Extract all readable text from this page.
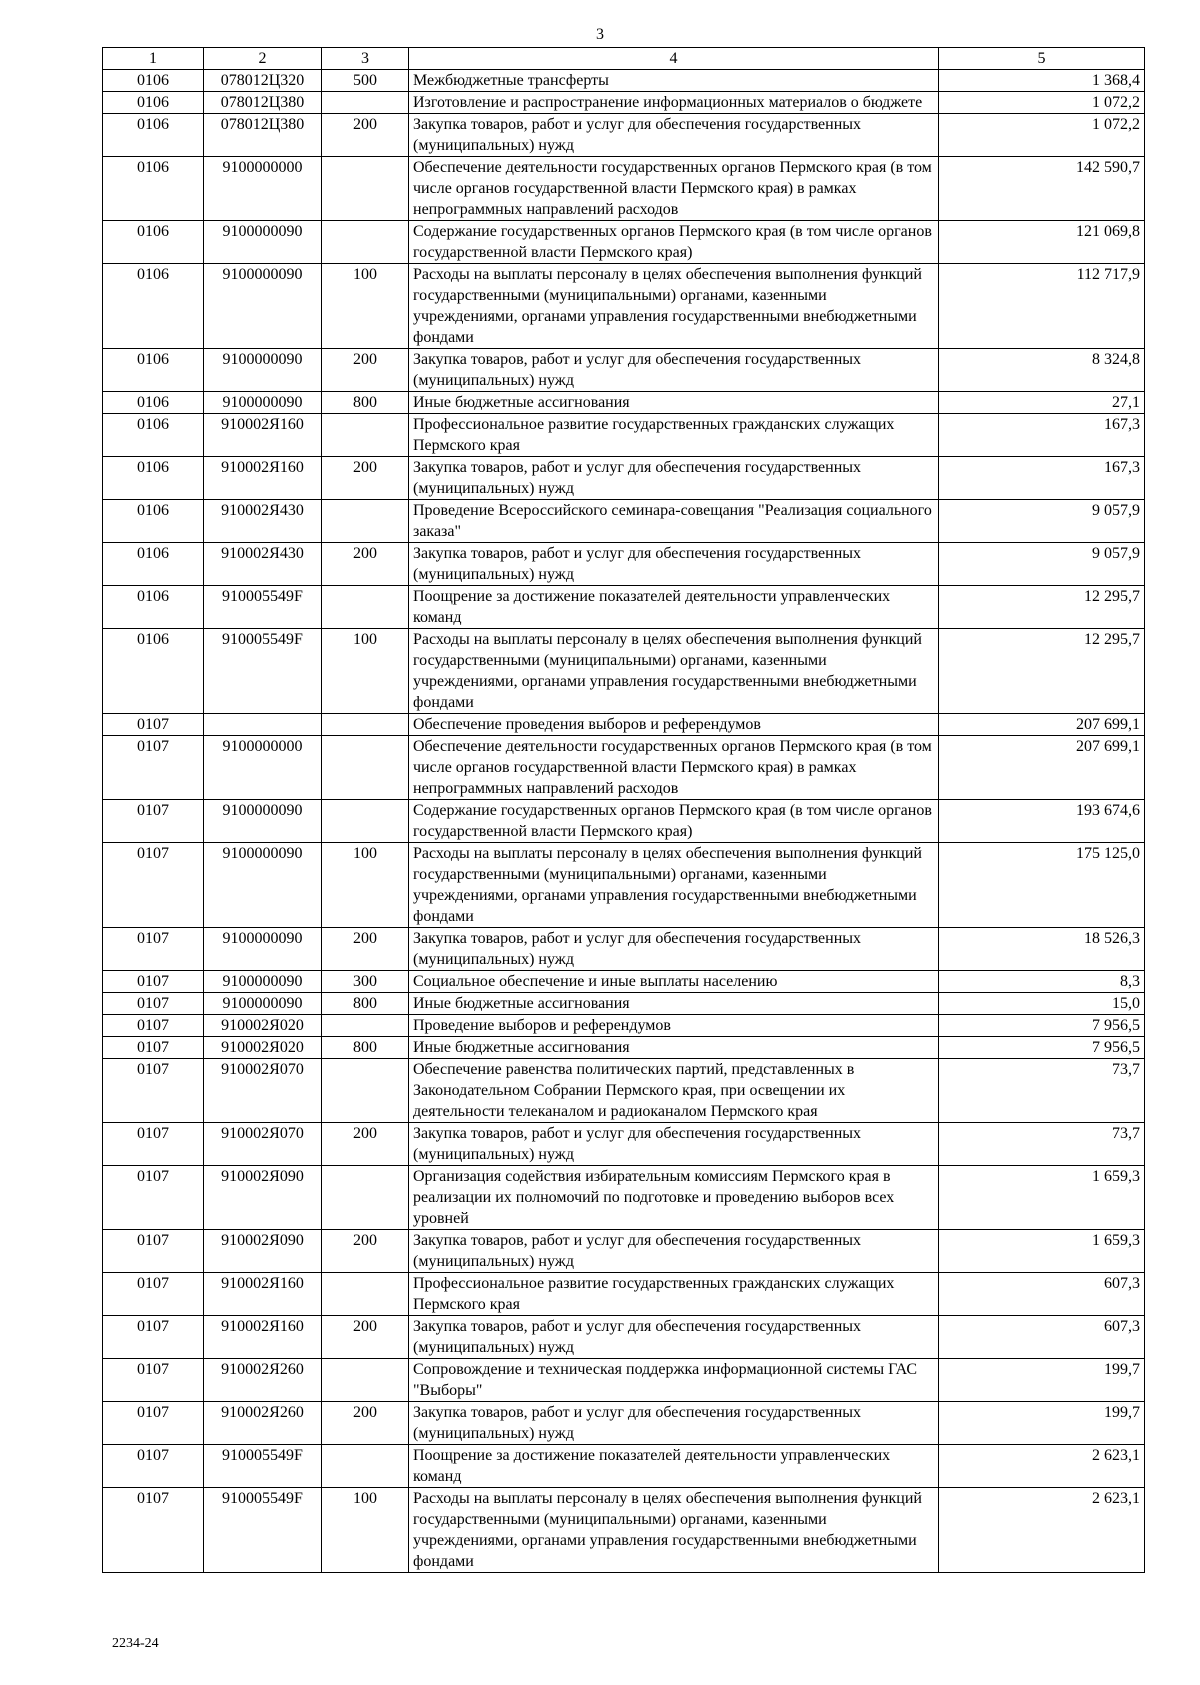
3
1	2	3	4	5
0106	078012Ц320	500	Межбюджетные трансферты	1 368,4
0106	078012Ц380		Изготовление и распространение информационных материалов о бюджете	1 072,2
0106	078012Ц380	200	Закупка товаров, работ и услуг для обеспечения государственных (муниципальных) нужд	1 072,2
0106	9100000000		Обеспечение деятельности государственных органов Пермского края (в том числе органов государственной власти Пермского края) в рамках непрограммных направлений расходов	142 590,7
0106	9100000090		Содержание государственных органов Пермского края (в том числе органов государственной власти Пермского края)	121 069,8
0106	9100000090	100	Расходы на выплаты персоналу в целях обеспечения выполнения функций государственными (муниципальными) органами, казенными учреждениями, органами управления государственными внебюджетными фондами	112 717,9
0106	9100000090	200	Закупка товаров, работ и услуг для обеспечения государственных (муниципальных) нужд	8 324,8
0106	9100000090	800	Иные бюджетные ассигнования	27,1
0106	910002Я160		Профессиональное развитие государственных гражданских служащих Пермского края	167,3
0106	910002Я160	200	Закупка товаров, работ и услуг для обеспечения государственных (муниципальных) нужд	167,3
0106	910002Я430		Проведение Всероссийского семинара-совещания "Реализация социального заказа"	9 057,9
0106	910002Я430	200	Закупка товаров, работ и услуг для обеспечения государственных (муниципальных) нужд	9 057,9
0106	910005549F		Поощрение за достижение показателей деятельности управленческих команд	12 295,7
0106	910005549F	100	Расходы на выплаты персоналу в целях обеспечения выполнения функций государственными (муниципальными) органами, казенными учреждениями, органами управления государственными внебюджетными фондами	12 295,7
0107			Обеспечение проведения выборов и референдумов	207 699,1
0107	9100000000		Обеспечение деятельности государственных органов Пермского края (в том числе органов государственной власти Пермского края) в рамках непрограммных направлений расходов	207 699,1
0107	9100000090		Содержание государственных органов Пермского края (в том числе органов государственной власти Пермского края)	193 674,6
0107	9100000090	100	Расходы на выплаты персоналу в целях обеспечения выполнения функций государственными (муниципальными) органами, казенными учреждениями, органами управления государственными внебюджетными фондами	175 125,0
0107	9100000090	200	Закупка товаров, работ и услуг для обеспечения государственных (муниципальных) нужд	18 526,3
0107	9100000090	300	Социальное обеспечение и иные выплаты населению	8,3
0107	9100000090	800	Иные бюджетные ассигнования	15,0
0107	910002Я020		Проведение выборов и референдумов	7 956,5
0107	910002Я020	800	Иные бюджетные ассигнования	7 956,5
0107	910002Я070		Обеспечение равенства политических партий, представленных в Законодательном Собрании Пермского края, при освещении их деятельности телеканалом и радиоканалом Пермского края	73,7
0107	910002Я070	200	Закупка товаров, работ и услуг для обеспечения государственных (муниципальных) нужд	73,7
0107	910002Я090		Организация содействия избирательным комиссиям Пермского края в реализации их полномочий по подготовке и проведению выборов всех уровней	1 659,3
0107	910002Я090	200	Закупка товаров, работ и услуг для обеспечения государственных (муниципальных) нужд	1 659,3
0107	910002Я160		Профессиональное развитие государственных гражданских служащих Пермского края	607,3
0107	910002Я160	200	Закупка товаров, работ и услуг для обеспечения государственных (муниципальных) нужд	607,3
0107	910002Я260		Сопровождение и техническая поддержка информационной системы ГАС "Выборы"	199,7
0107	910002Я260	200	Закупка товаров, работ и услуг для обеспечения государственных (муниципальных) нужд	199,7
0107	910005549F		Поощрение за достижение показателей деятельности управленческих команд	2 623,1
0107	910005549F	100	Расходы на выплаты персоналу в целях обеспечения выполнения функций государственными (муниципальными) органами, казенными учреждениями, органами управления государственными внебюджетными фондами	2 623,1
2234-24
